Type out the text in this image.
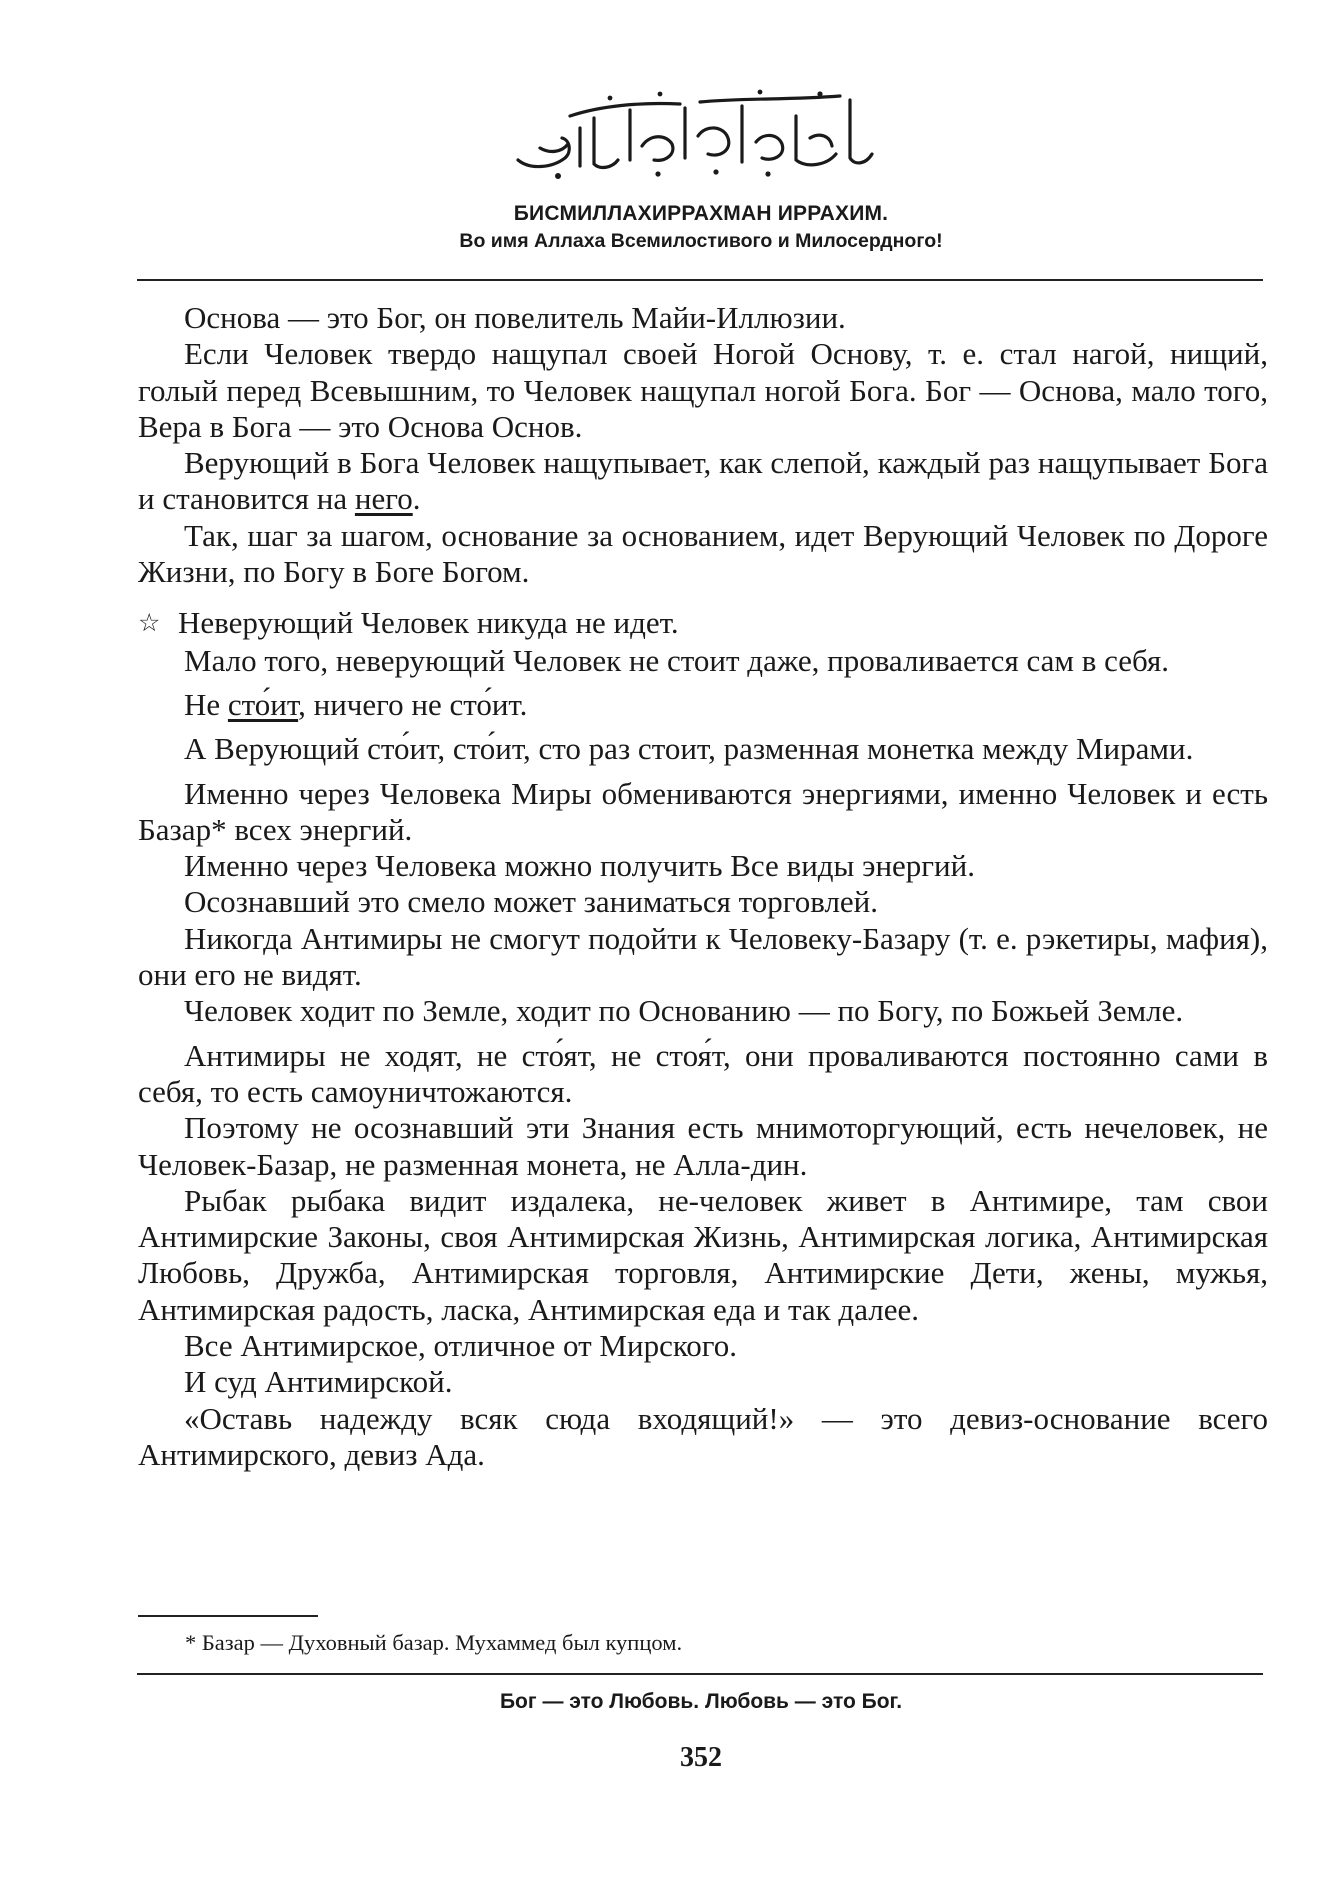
БИСМИЛЛАХИРРАХМАН ИРРАХИМ.
Во имя Аллаха Всемилостивого и Милосердного!

Основа — это Бог, он повелитель Майи-Иллюзии.

Если Человек твердо нащупал своей Ногой Основу, т. е. стал нагой, нищий, голый перед Всевышним, то Человек нащупал ногой Бога. Бог — Основа, мало того, Вера в Бога — это Основа Основ.

Верующий в Бога Человек нащупывает, как слепой, каждый раз нащупывает Бога и становится на него.

Так, шаг за шагом, основание за основанием, идет Верующий Человек по Дороге Жизни, по Богу в Боге Богом.

☆ Неверующий Человек никуда не идет.

Мало того, неверующий Человек не стоит даже, проваливается сам в себя.

Не сто́ит, ничего не сто́ит.

А Верующий сто́ит, сто́ит, сто раз стоит, разменная монетка между Мирами.

Именно через Человека Миры обмениваются энергиями, именно Человек и есть Базар* всех энергий.

Именно через Человека можно получить Все виды энергий.

Осознавший это смело может заниматься торговлей.

Никогда Антимиры не смогут подойти к Человеку-Базару (т. е. рэкетиры, мафия), они его не видят.

Человек ходит по Земле, ходит по Основанию — по Богу, по Божьей Земле.

Антимиры не ходят, не сто́ят, не стоя́т, они проваливаются постоянно сами в себя, то есть самоуничтожаются.

Поэтому не осознавший эти Знания есть мнимоторгующий, есть нечеловек, не Человек-Базар, не разменная монета, не Алла-дин.

Рыбак рыбака видит издалека, не-человек живет в Антимире, там свои Антимирские Законы, своя Антимирская Жизнь, Антимирская логика, Антимирская Любовь, Дружба, Антимирская торговля, Антимирские Дети, жены, мужья, Антимирская радость, ласка, Антимирская еда и так далее.

Все Антимирское, отличное от Мирского.

И суд Антимирской.

«Оставь надежду всяк сюда входящий!» — это девиз-основание всего Антимирского, девиз Ада.

* Базар — Духовный базар. Мухаммед был купцом.
Бог — это Любовь. Любовь — это Бог.
352
